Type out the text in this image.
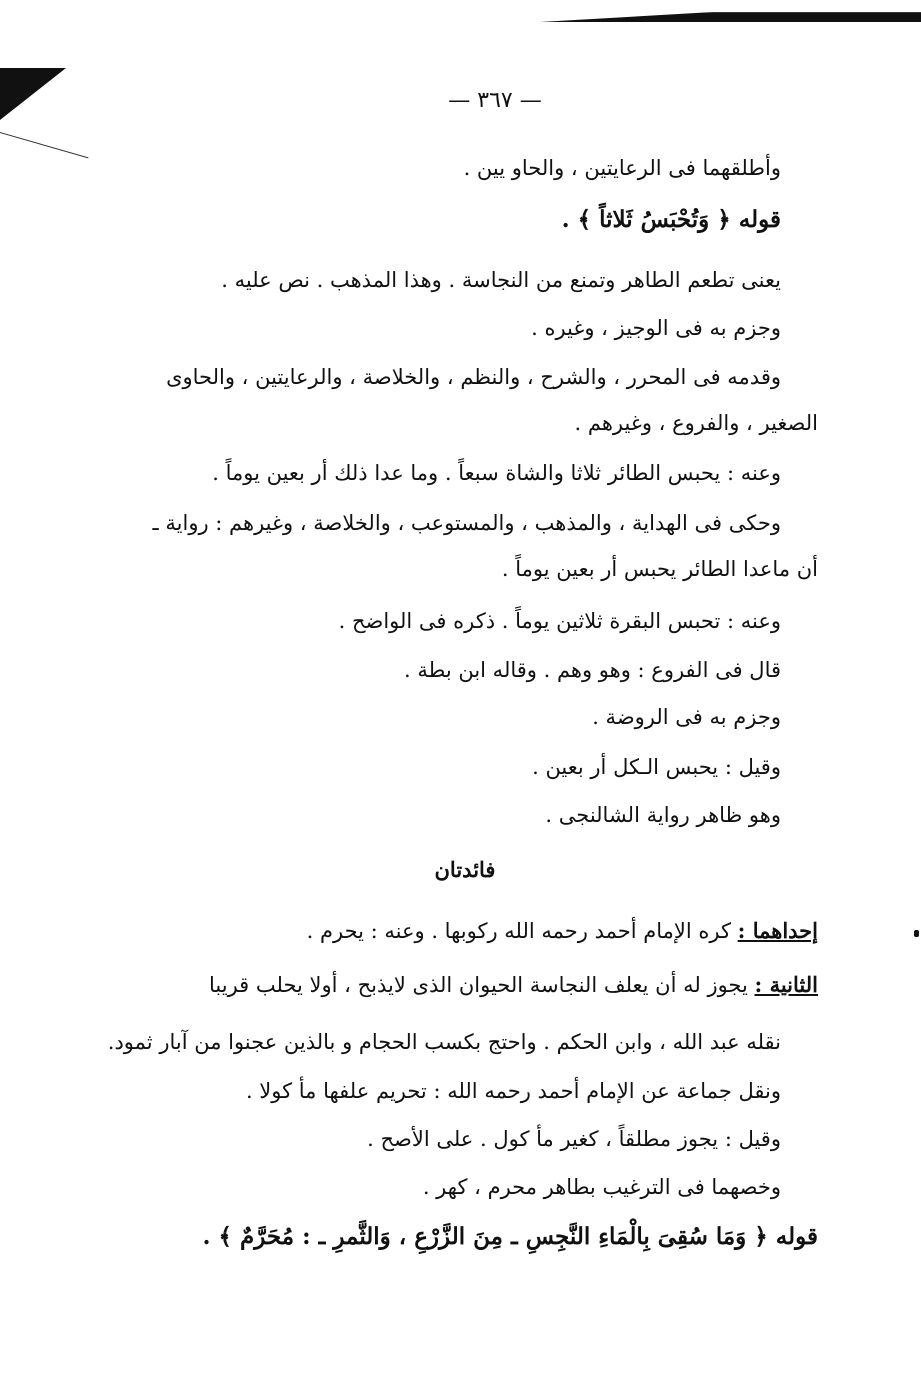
— ٣٦٧ —
وأطلقهما فى الرعايتين ، والحاو يين .
قوله ﴿ وَتُحْبَسُ ثَلاثاً ﴾ .
يعنى تطعم الطاهر وتمنع من النجاسة . وهذا المذهب . نص عليه .
وجزم به فى الوجيز ، وغيره .
وقدمه فى المحرر ، والشرح ، والنظم ، والخلاصة ، والرعايتين ، والحاوى
الصغير ، والفروع ، وغيرهم .
وعنه : يحبس الطائر ثلاثا والشاة سبعاً . وما عدا ذلك أر بعين يوماً .
وحكى فى الهداية ، والمذهب ، والمستوعب ، والخلاصة ، وغيرهم : رواية ـ
أن ماعدا الطائر يحبس أر بعين يوماً .
وعنه : تحبس البقرة ثلاثين يوماً . ذكره فى الواضح .
قال فى الفروع : وهو وهم . وقاله ابن بطة .
وجزم به فى الروضة .
وقيل : يحبس الـكل أر بعين .
وهو ظاهر رواية الشالنجى .
فائدتان
إحداهما : كره الإمام أحمد رحمه الله ركوبها . وعنه : يحرم .
الثانية : يجوز له أن يعلف النجاسة الحيوان الذى لايذبح ، أولا يحلب قريبا
نقله عبد الله ، وابن الحكم . واحتج بكسب الحجام و بالذين عجنوا من آبار ثمود.
ونقل جماعة عن الإمام أحمد رحمه الله : تحريم علفها مأ كولا .
وقيل : يجوز مطلقاً ، كغير مأ كول . على الأصح .
وخصهما فى الترغيب بطاهر محرم ، كهر .
قوله ﴿ وَمَا سُقِىَ بِالْمَاءِ النَّجِسِ ـ مِنَ الزَّرْعِ ، وَالثَّمرِ ـ : مُحَرَّمٌ ﴾ .
